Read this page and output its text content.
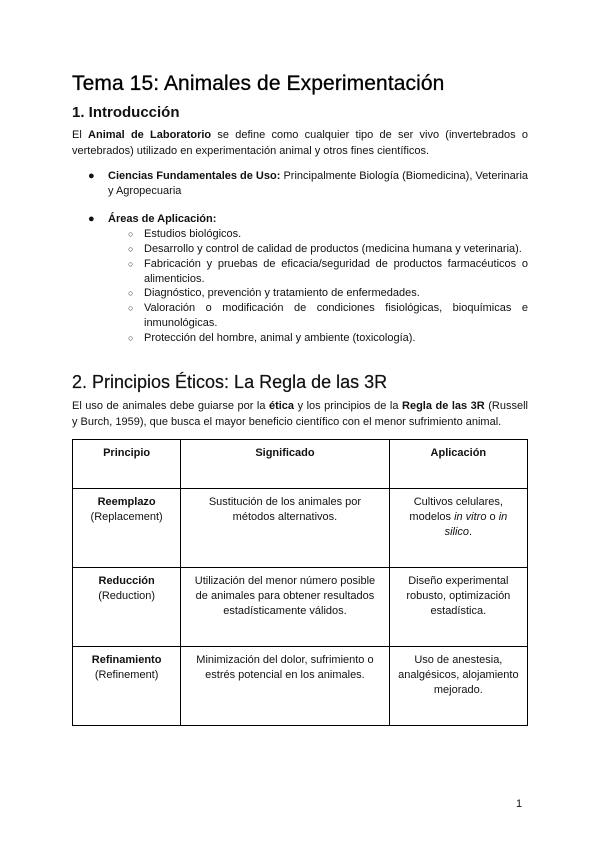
Tema 15: Animales de Experimentación
1. Introducción

El Animal de Laboratorio se define como cualquier tipo de ser vivo (invertebrados o vertebrados) utilizado en experimentación animal y otros fines científicos.

● Ciencias Fundamentales de Uso: Principalmente Biología (Biomedicina), Veterinaria y Agropecuaria
● Áreas de Aplicación:
○ Estudios biológicos.
○ Desarrollo y control de calidad de productos (medicina humana y veterinaria).
○ Fabricación y pruebas de eficacia/seguridad de productos farmacéuticos o alimenticios.
○ Diagnóstico, prevención y tratamiento de enfermedades.
○ Valoración o modificación de condiciones fisiológicas, bioquímicas e inmunológicas.
○ Protección del hombre, animal y ambiente (toxicología).
2. Principios Éticos: La Regla de las 3R

El uso de animales debe guiarse por la ética y los principios de la Regla de las 3R (Russell y Burch, 1959), que busca el mayor beneficio científico con el menor sufrimiento animal.

Principio	Significado	Aplicación

Reemplazo
(Replacement)	Sustitución de los animales por métodos alternativos.	Cultivos celulares, modelos in vitro o in silico.

Reducción
(Reduction)	Utilización del menor número posible de animales para obtener resultados estadísticamente válidos.	Diseño experimental robusto, optimización estadística.

Refinamiento
(Refinement)	Minimización del dolor, sufrimiento o estrés potencial en los animales.	Uso de anestesia, analgésicos, alojamiento mejorado.
1
